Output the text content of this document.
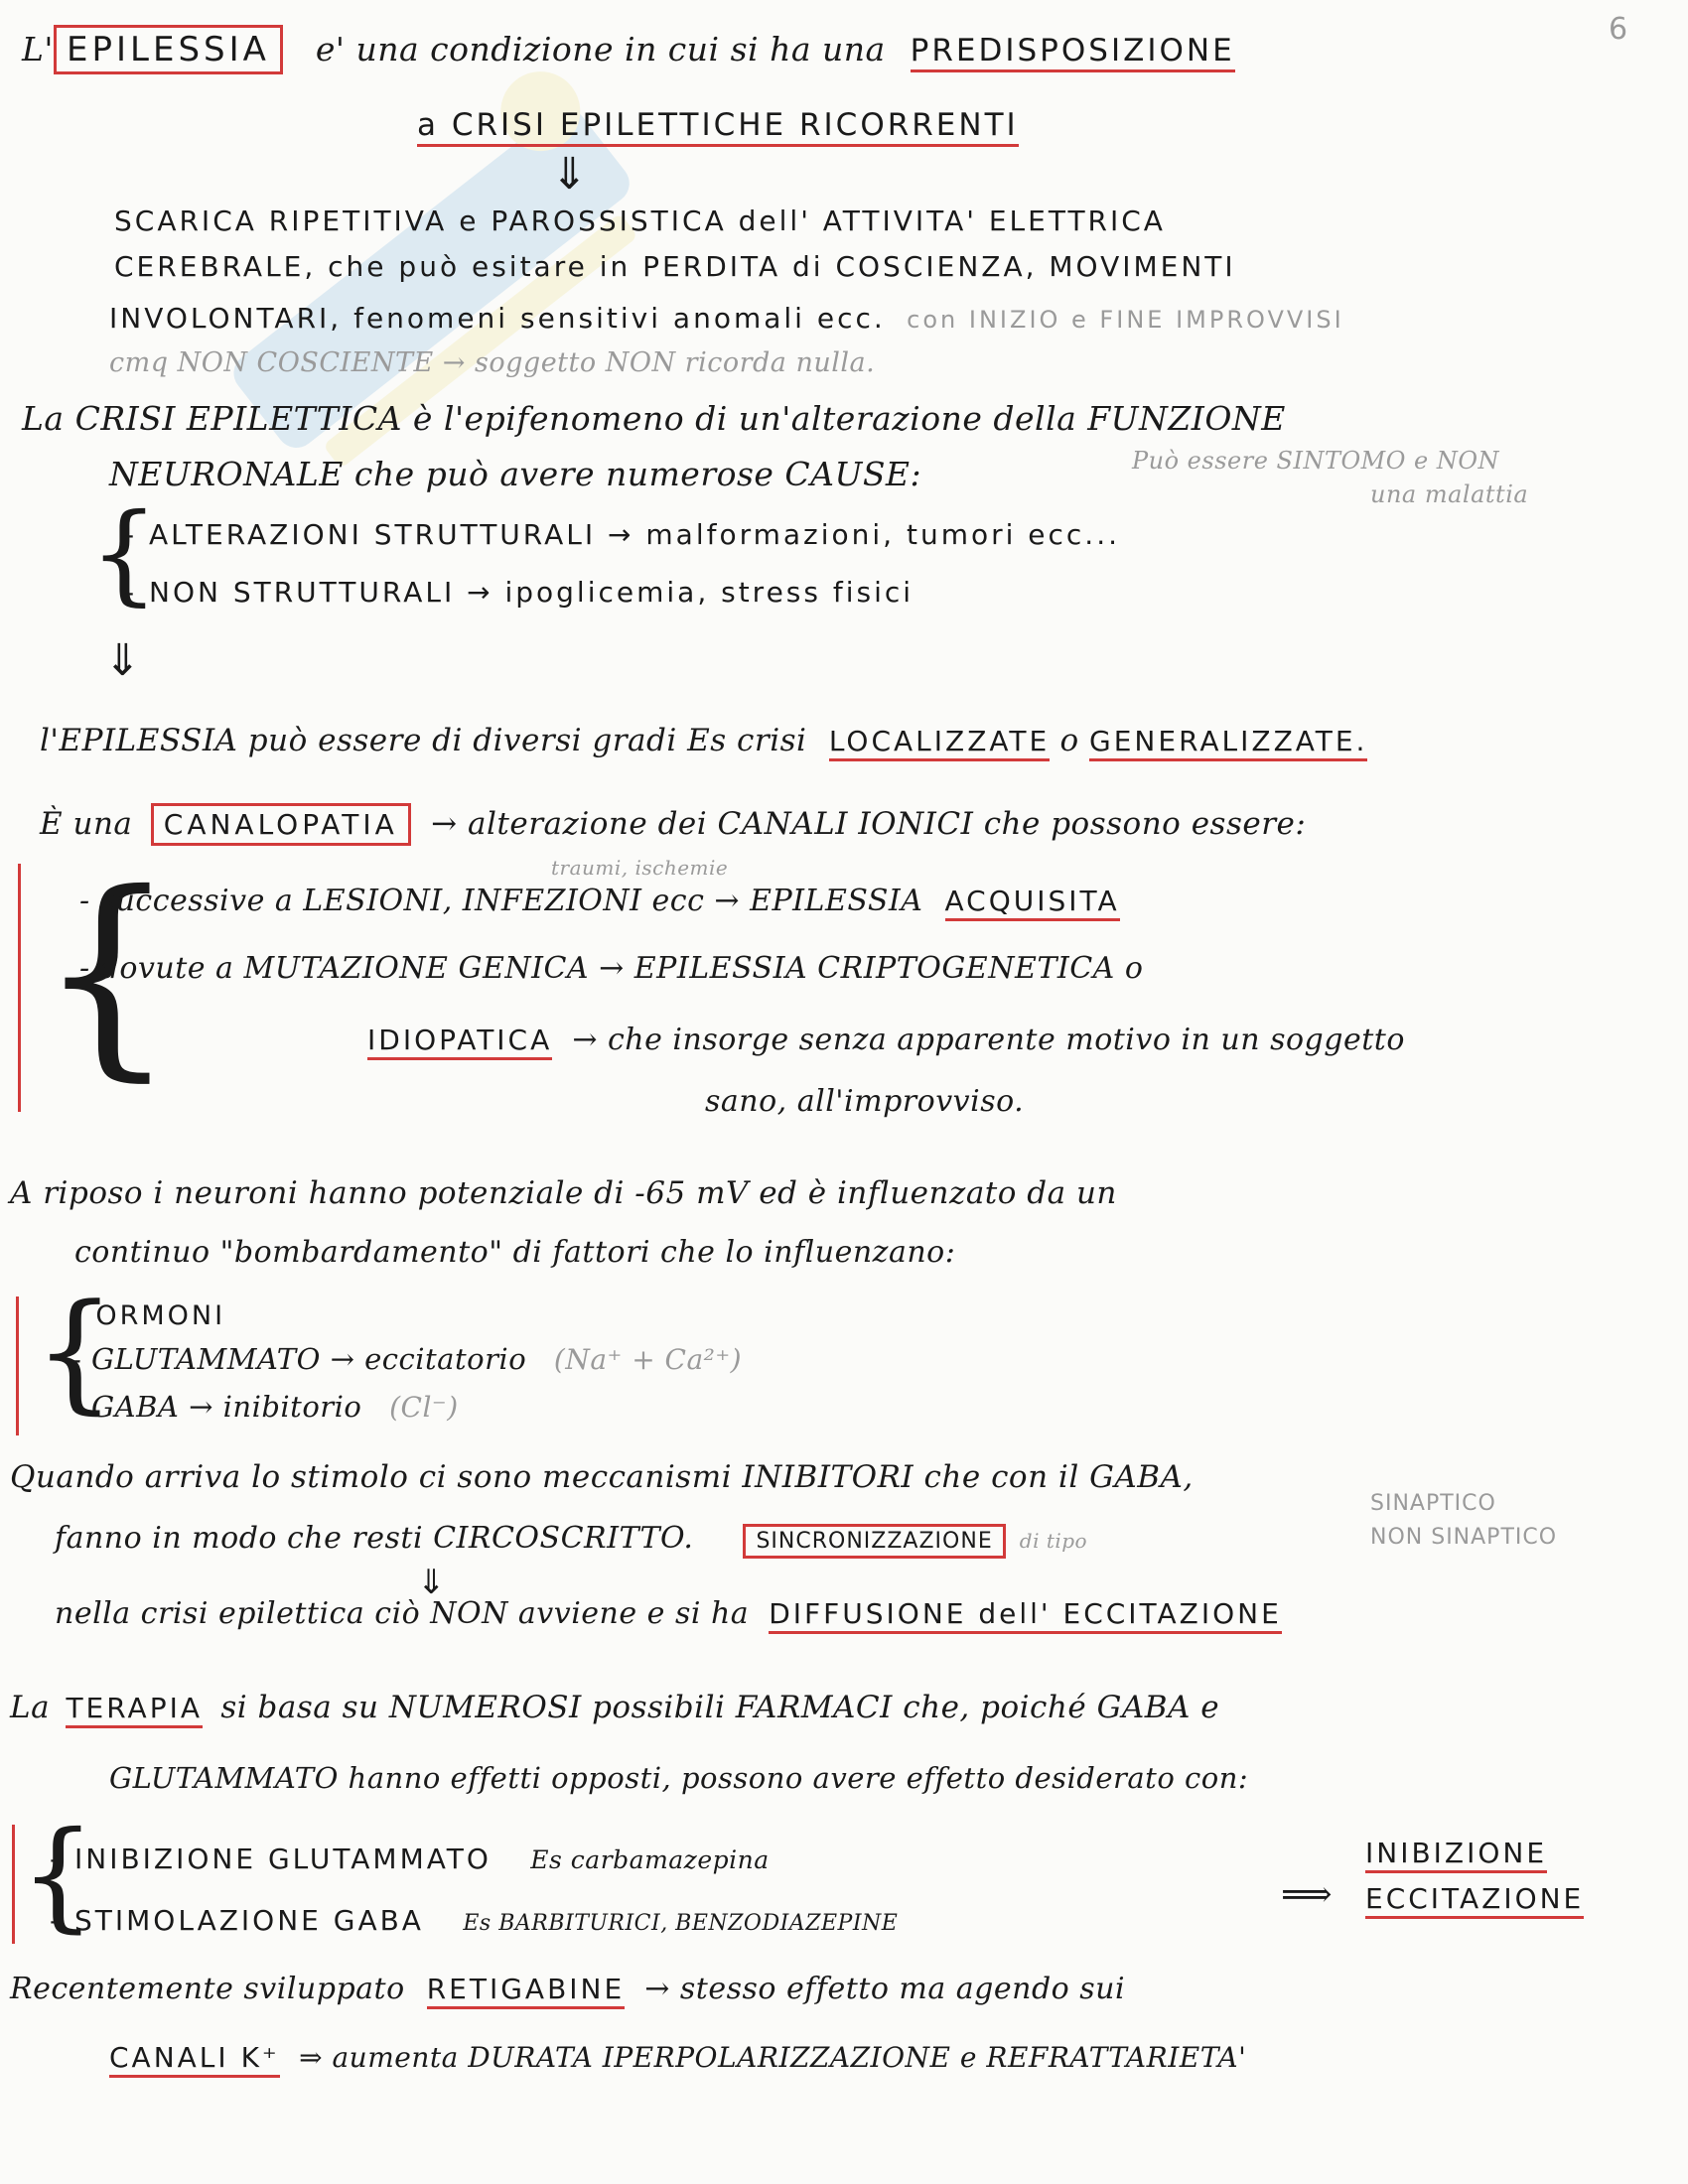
6
L' EPILESSIA e' una condizione in cui si ha una PREDISPOSIZIONE
a CRISI EPILETTICHE RICORRENTI
⇓
SCARICA RIPETITIVA e PAROSSISTICA dell' ATTIVITA' ELETTRICA
CEREBRALE, che può esitare in PERDITA di COSCIENZA, MOVIMENTI
INVOLONTARI, fenomeni sensitivi anomali ecc. con INIZIO e FINE IMPROVVISI
cmq NON COSCIENTE → soggetto NON ricorda nulla.
La CRISI EPILETTICA è l'epifenomeno di un'alterazione della FUNZIONE
NEURONALE che può avere numerose CAUSE:	Può essere SINTOMO e NON
una malattia
{
- ALTERAZIONI STRUTTURALI → malformazioni, tumori ecc...
- NON STRUTTURALI → ipoglicemia, stress fisici
⇓
l'EPILESSIA può essere di diversi gradi Es crisi LOCALIZZATE o GENERALIZZATE.
È una CANALOPATIA → alterazione dei CANALI IONICI che possono essere:
{	traumi, ischemie
- successive a LESIONI, INFEZIONI ecc → EPILESSIA ACQUISITA
- dovute a MUTAZIONE GENICA → EPILESSIA CRIPTOGENETICA o
IDIOPATICA → che insorge senza apparente motivo in un soggetto
sano, all'improvviso.
A riposo i neuroni hanno potenziale di -65 mV ed è influenzato da un
continuo "bombardamento" di fattori che lo influenzano:
{
- ORMONI
- GLUTAMMATO → eccitatorio (Na⁺ + Ca²⁺)
- GABA → inibitorio (Cl⁻)
Quando arriva lo stimolo ci sono meccanismi INIBITORI che con il GABA,
fanno in modo che resti CIRCOSCRITTO.	SINCRONIZZAZIONE di tipo
SINAPTICO
NON SINAPTICO
⇓
nella crisi epilettica ciò NON avviene e si ha DIFFUSIONE dell' ECCITAZIONE
La TERAPIA si basa su NUMEROSI possibili FARMACI che, poiché GABA e
GLUTAMMATO hanno effetti opposti, possono avere effetto desiderato con:
{
- INIBIZIONE GLUTAMMATO Es carbamazepina
- STIMOLAZIONE GABA Es BARBITURICI, BENZODIAZEPINE
⟹
INIBIZIONE
ECCITAZIONE
Recentemente sviluppato RETIGABINE → stesso effetto ma agendo sui
CANALI K⁺ ⇒ aumenta DURATA IPERPOLARIZZAZIONE e REFRATTARIETA'
